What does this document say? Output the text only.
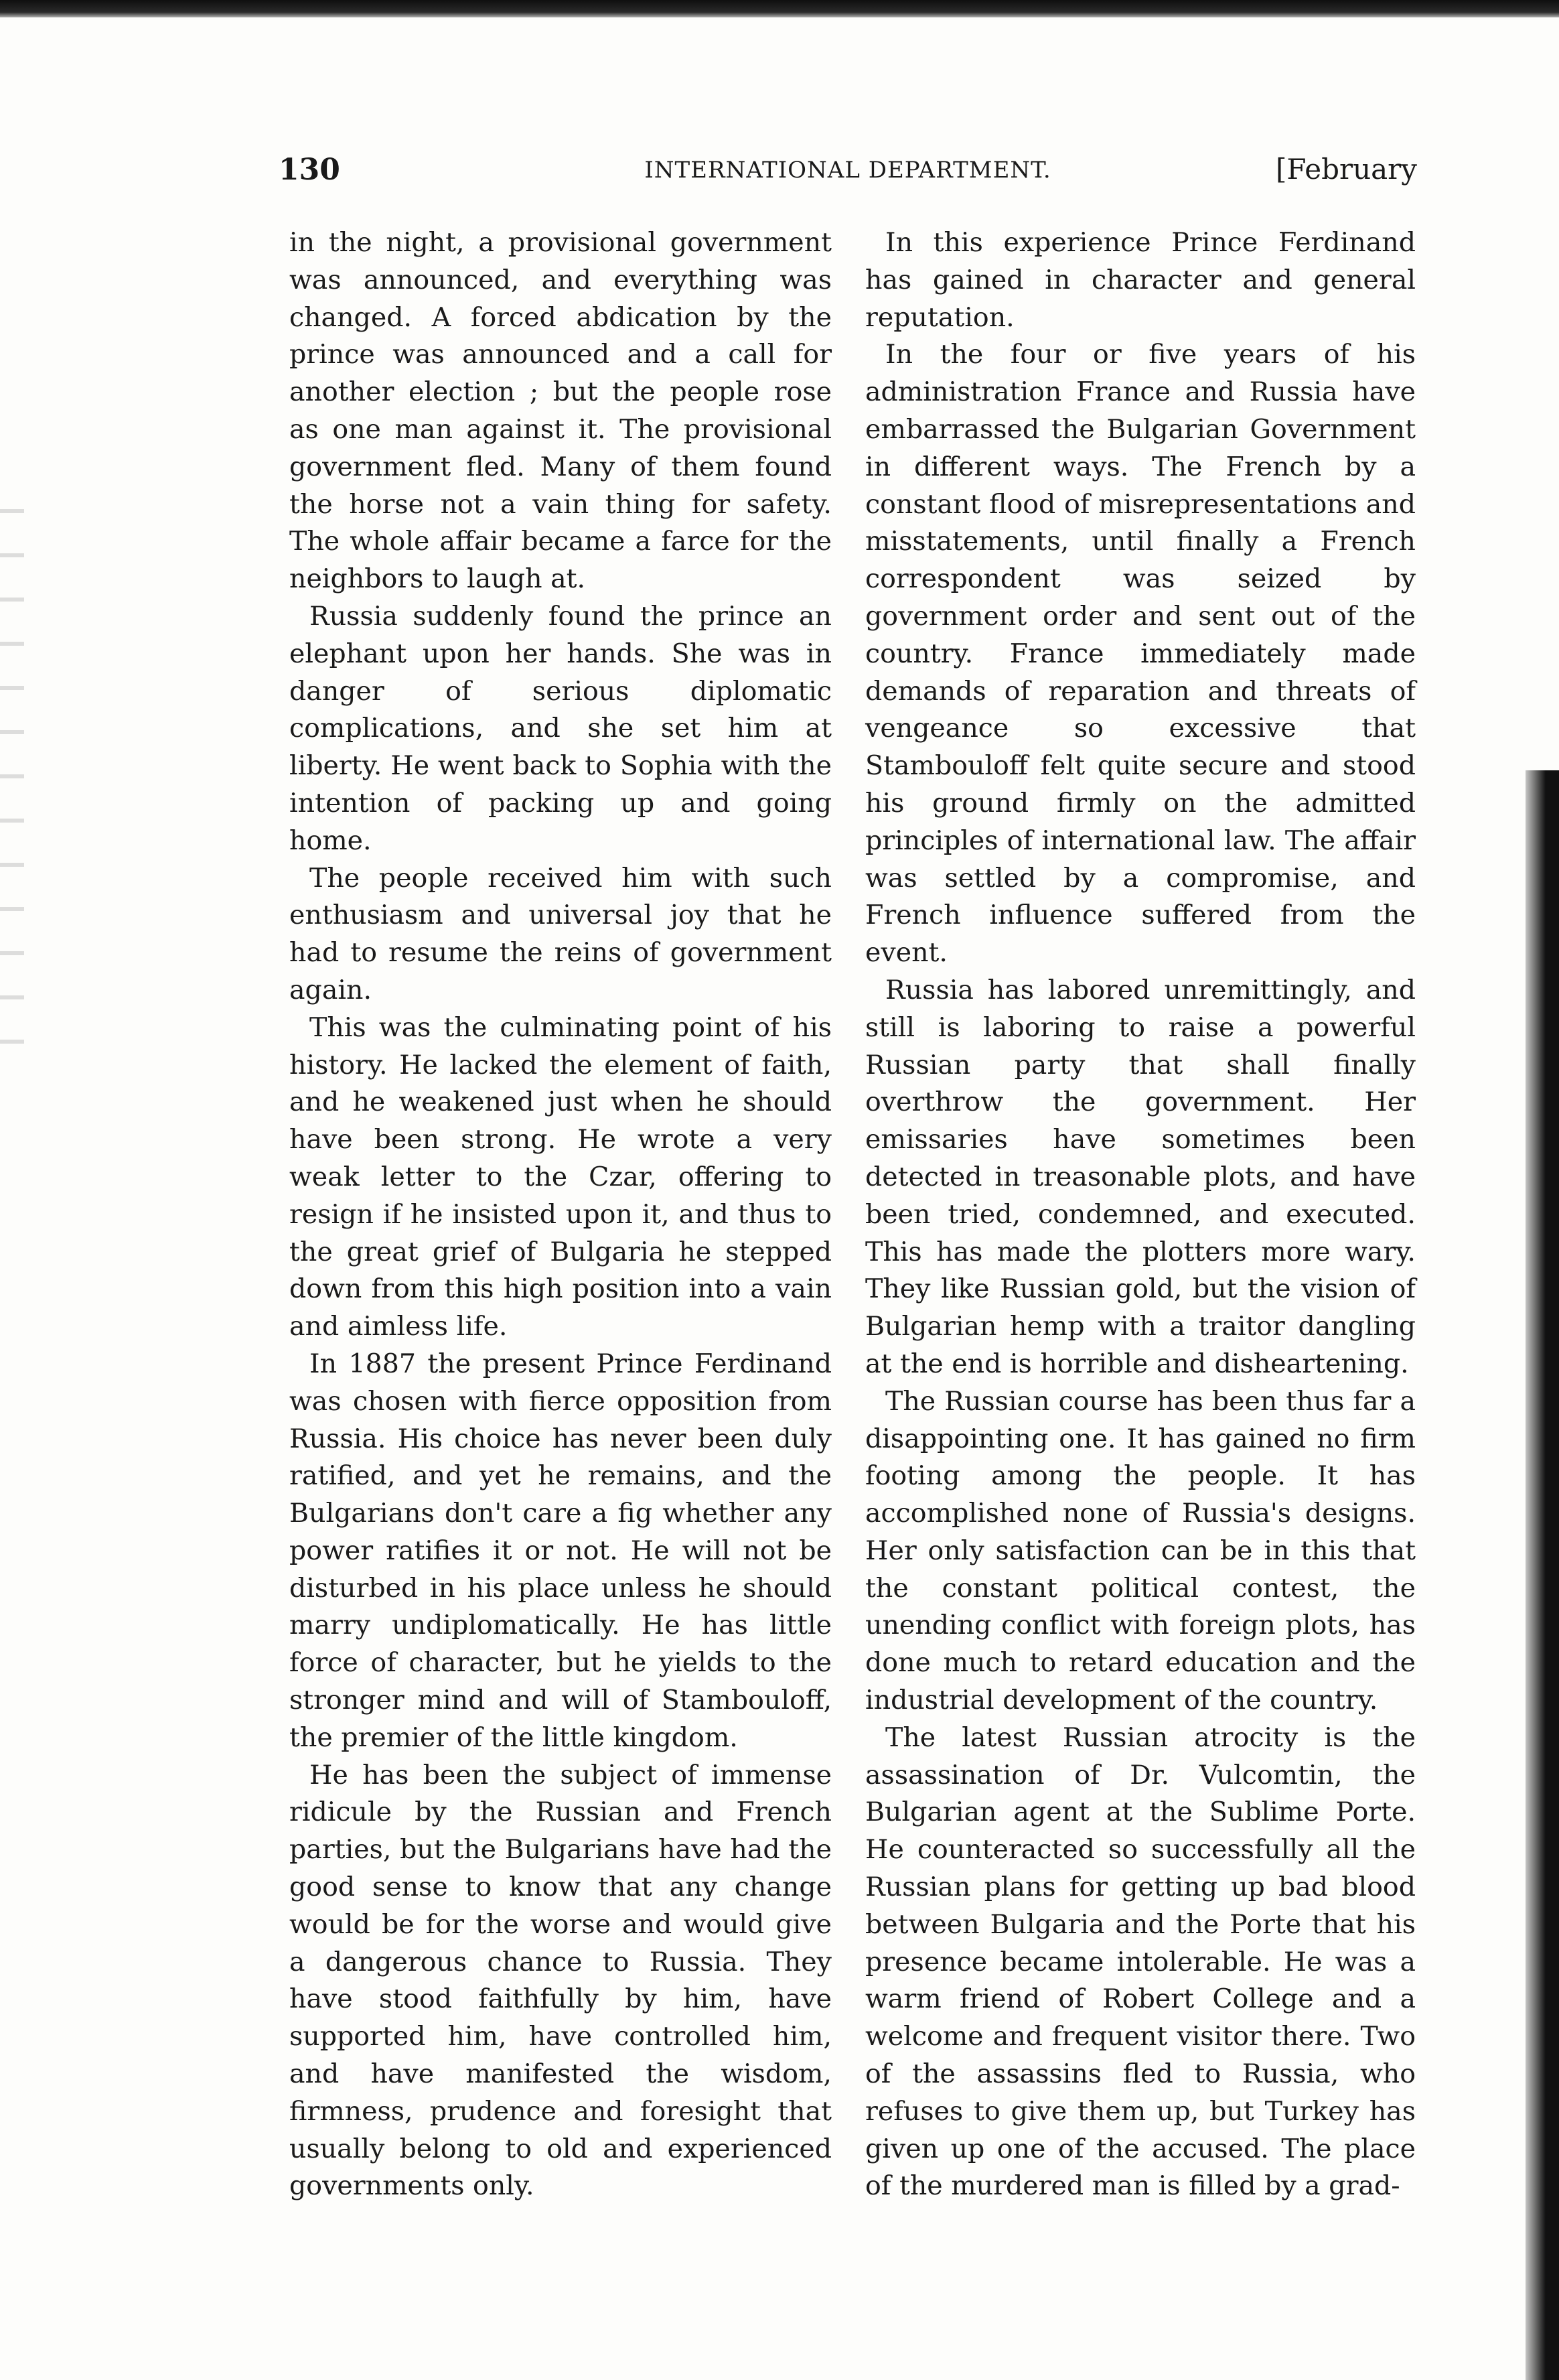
130	INTERNATIONAL DEPARTMENT.	[February

in the night, a provisional government was announced, and everything was changed. A forced abdication by the prince was announced and a call for another election ; but the people rose as one man against it. The provisional government fled. Many of them found the horse not a vain thing for safety. The whole affair became a farce for the neighbors to laugh at.

Russia suddenly found the prince an elephant upon her hands. She was in danger of serious diplomatic complications, and she set him at liberty. He went back to Sophia with the intention of packing up and going home.

The people received him with such enthusiasm and universal joy that he had to resume the reins of government again.

This was the culminating point of his history. He lacked the element of faith, and he weakened just when he should have been strong. He wrote a very weak letter to the Czar, offering to resign if he insisted upon it, and thus to the great grief of Bulgaria he stepped down from this high position into a vain and aimless life.

In 1887 the present Prince Ferdinand was chosen with fierce opposition from Russia. His choice has never been duly ratified, and yet he remains, and the Bulgarians don't care a fig whether any power ratifies it or not. He will not be disturbed in his place unless he should marry undiplomatically. He has little force of character, but he yields to the stronger mind and will of Stambouloff, the premier of the little kingdom.

He has been the subject of immense ridicule by the Russian and French parties, but the Bulgarians have had the good sense to know that any change would be for the worse and would give a dangerous chance to Russia. They have stood faithfully by him, have supported him, have controlled him, and have manifested the wisdom, firmness, prudence and foresight that usually belong to old and experienced governments only.

In this experience Prince Ferdinand has gained in character and general reputation.

In the four or five years of his administration France and Russia have embarrassed the Bulgarian Government in different ways. The French by a constant flood of misrepresentations and misstatements, until finally a French correspondent was seized by government order and sent out of the country. France immediately made demands of reparation and threats of vengeance so excessive that Stambouloff felt quite secure and stood his ground firmly on the admitted principles of international law. The affair was settled by a compromise, and French influence suffered from the event.

Russia has labored unremittingly, and still is laboring to raise a powerful Russian party that shall finally overthrow the government. Her emissaries have sometimes been detected in treasonable plots, and have been tried, condemned, and executed. This has made the plotters more wary. They like Russian gold, but the vision of Bulgarian hemp with a traitor dangling at the end is horrible and disheartening.

The Russian course has been thus far a disappointing one. It has gained no firm footing among the people. It has accomplished none of Russia's designs. Her only satisfaction can be in this that the constant political contest, the unending conflict with foreign plots, has done much to retard education and the industrial development of the country.

The latest Russian atrocity is the assassination of Dr. Vulcomtin, the Bulgarian agent at the Sublime Porte. He counteracted so successfully all the Russian plans for getting up bad blood between Bulgaria and the Porte that his presence became intolerable. He was a warm friend of Robert College and a welcome and frequent visitor there. Two of the assassins fled to Russia, who refuses to give them up, but Turkey has given up one of the accused. The place of the murdered man is filled by a grad-
